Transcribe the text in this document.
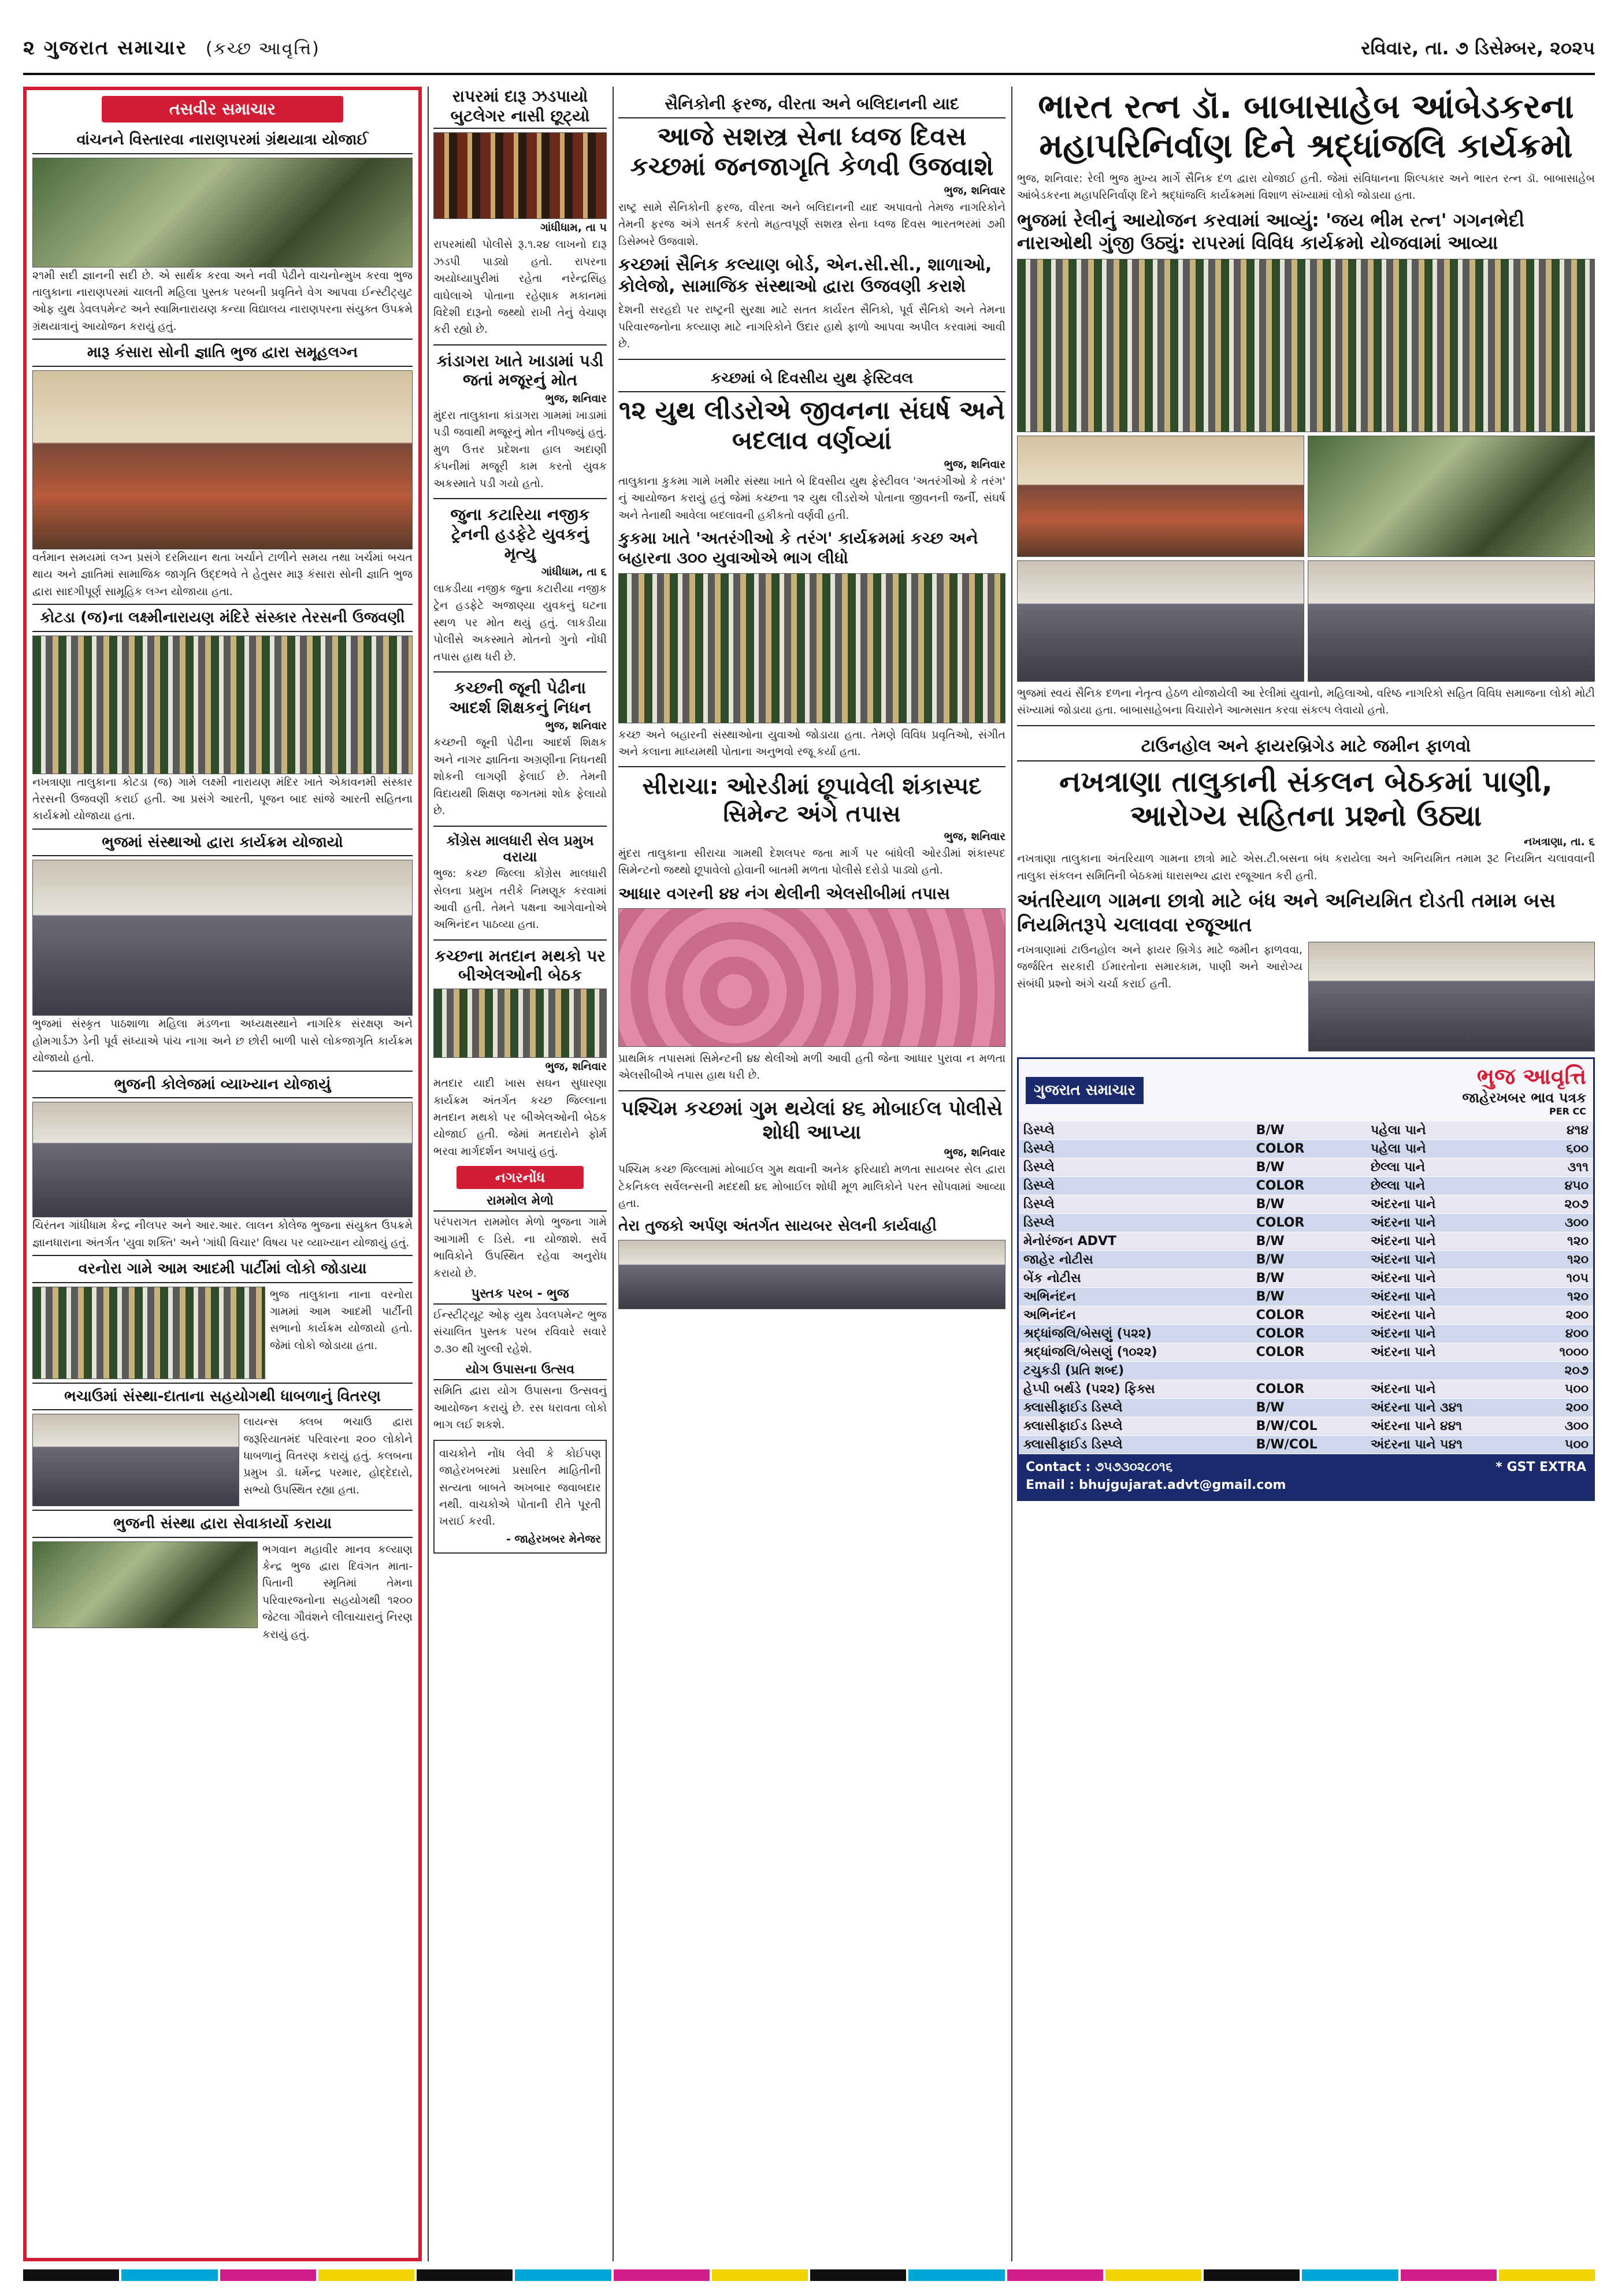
૨ ગુજરાત સમાચાર (કચ્છ આવૃત્તિ)	રવિવાર, તા. ૭ ડિસેમ્બર, ૨૦૨૫
તસવીર સમાચાર
વાંચનને વિસ્તારવા નારાણપરમાં ગ્રંથયાત્રા યોજાઈ

૨૧મી સદી જ્ઞાનની સદી છે. એ સાર્થક કરવા અને નવી પેઢીને વાચનોન્મુખ કરવા ભુજ તાલુકાના નારાણપરમાં ચાલતી મહિલા પુસ્તક પરબની પ્રવૃતિને વેગ આપવા ઈન્સ્ટીટ્યુટ ઓફ યુથ ડેવલપમેન્ટ અને સ્વામિનારાયણ કન્યા વિદ્યાલય નારાણપરના સંયુક્ત ઉપક્રમે ગ્રંથયાત્રાનું આયોજન કરાયું હતું.

મારૂ કંસારા સોની જ્ઞાતિ ભુજ દ્વારા સમૂહલગ્ન

વર્તમાન સમયમાં લગ્ન પ્રસંગે દરમિયાન થતા ખર્ચાને ટાળીને સમય તથા ખર્ચમાં બચત થાય અને જ્ઞાતિમાં સામાજિક જાગૃતિ ઉદ્દભવે તે હેતુસર મારૂ કંસારા સોની જ્ઞાતિ ભુજ દ્વારા સાદગીપૂર્ણ સામૂહિક લગ્ન યોજાયા હતા.

કોટડા (જ)ના લક્ષ્મીનારાયણ મંદિરે સંસ્કાર તેરસની ઉજવણી

નખત્રાણા તાલુકાના કોટડા (જ) ગામે લક્ષ્મી નારાયણ મંદિર ખાતે એકાવનમી સંસ્કાર તેરસની ઉજવણી કરાઈ હતી. આ પ્રસંગે આરતી, પૂજન બાદ સાંજે આરતી સહિતના કાર્યક્રમો યોજાયા હતા.

ભુજમાં સંસ્થાઓ દ્વારા કાર્યક્રમ યોજાયો

ભુજમાં સંસ્કૃત પાઠશાળા મહિલા મંડળના અધ્યક્ષસ્થાને નાગરિક સંરક્ષણ અને હોમગાર્ડઝ ડેની પૂર્વ સંધ્યાએ પાંચ નાગા અને છ છોરી બાળી પાસે લોકજાગૃતિ કાર્યક્રમ યોજાયો હતો.

ભુજની કોલેજમાં વ્યાખ્યાન યોજાયું

ચિરંતન ગાંધીધામ કેન્દ્ર નીલપર અને આર.આર. લાલન કોલેજ ભુજના સંયુક્ત ઉપક્રમે જ્ઞાનધારાના અંતર્ગત 'યુવા શક્તિ' અને 'ગાંધી વિચાર' વિષય પર વ્યાખ્યાન યોજાયું હતું.

વરનોરા ગામે આમ આદમી પાર્ટીમાં લોકો જોડાયા

ભુજ તાલુકાના નાના વરનોરા ગામમાં આમ આદમી પાર્ટીની સભાનો કાર્યક્રમ યોજાયો હતો. જેમાં લોકો જોડાયા હતા.

ભચાઉમાં સંસ્થા-દાતાના સહયોગથી ધાબળાનું વિતરણ

લાયન્સ ક્લબ ભચાઉ દ્વારા જરૂરિયાતમંદ પરિવારના ૨૦૦ લોકોને ધાબળાનું વિતરણ કરાયું હતું. કલબના પ્રમુખ ડૉ. ધર્મેન્દ્ર પરમાર, હોદ્દેદારો, સભ્યો ઉપસ્થિત રહ્યા હતા.

ભુજની સંસ્થા દ્વારા સેવાકાર્યો કરાયા

ભગવાન મહાવીર માનવ કલ્યાણ કેન્દ્ર ભુજ દ્વારા દિવંગત માતા-પિતાની સ્મૃતિમાં તેમના પરિવારજનોના સહયોગથી ૧૨૦૦ જેટલા ગૌવંશને લીલાચારાનું નિરણ કરાયું હતું.

રાપરમાં દારૂ ઝડપાયો બુટલેગર નાસી છૂટ્યો
ગાંધીધામ, તા ૫

રાપરમાંથી પોલીસે રૂ.૧.૨૪ લાખનો દારૂ ઝડપી પાડ્યો હતો. રાપરના અયોધ્યાપુરીમાં રહેતા નરેન્દ્રસિંહ વાઘેલાએ પોતાના રહેણાક મકાનમાં વિદેશી દારૂનો જથ્થો રાખી તેનું વેચાણ કરી રહ્યો છે.

કાંડાગરા ખાતે ખાડામાં પડી જતાં મજૂરનું મોત
ભુજ, શનિવાર

મુંદરા તાલુકાના કાંડાગરા ગામમાં ખાડામાં પડી જવાથી મજૂરનું મોત નીપજ્યું હતું. મુળ ઉત્તર પ્રદેશના હાલ અદાણી કંપનીમાં મજૂરી કામ કરતો યુવક અકસ્માતે પડી ગયો હતો.

જુના કટારિયા નજીક ટ્રેનની હડફેટે યુવકનું મૃત્યુ
ગાંધીધામ, તા ૬

લાકડીયા નજીક જુના કટારીયા નજીક ટ્રેન હડફેટે અજાણ્યા યુવકનું ઘટના સ્થળ પર મોત થયું હતું. લાકડીયા પોલીસે અકસ્માતે મોતનો ગુનો નોંધી તપાસ હાથ ધરી છે.

કચ્છની જૂની પેઢીના આદર્શ શિક્ષકનું નિધન
ભુજ, શનિવાર

કચ્છની જૂની પેઢીના આદર્શ શિક્ષક અને નાગર જ્ઞાતિના અગ્રણીના નિધનથી શોકની લાગણી ફેલાઈ છે. તેમની વિદાયથી શિક્ષણ જગતમાં શોક ફેલાયો છે.

કોંગ્રેસ માલધારી સેલ પ્રમુખ વરાયા

ભુજ: કચ્છ જિલ્લા કોંગ્રેસ માલધારી સેલના પ્રમુખ તરીકે નિમણૂક કરવામાં આવી હતી. તેમને પક્ષના આગેવાનોએ અભિનંદન પાઠવ્યા હતા.

કચ્છના મતદાન મથકો પર બીએલઓની બેઠક
ભુજ, શનિવાર

મતદાર યાદી ખાસ સઘન સુધારણા કાર્યક્રમ અંતર્ગત કચ્છ જિલ્લાના મતદાન મથકો પર બીએલઓની બેઠક યોજાઈ હતી. જેમાં મતદારોને ફોર્મ ભરવા માર્ગદર્શન અપાયું હતું.

નગરનોંધ
રામમોલ મેળો

પરંપરાગત રામમોલ મેળો ભુજના ગામે આગામી ૯ ડિસે. ના યોજાશે. સર્વે ભાવિકોને ઉપસ્થિત રહેવા અનુરોધ કરાયો છે.

પુસ્તક પરબ - ભુજ

ઈન્સ્ટીટ્યૂટ ઓફ યુથ ડેવલપમેન્ટ ભુજ સંચાલિત પુસ્તક પરબ રવિવારે સવારે ૭.૩૦ થી ખુલ્લી રહેશે.

યોગ ઉપાસના ઉત્સવ

સમિતિ દ્વારા યોગ ઉપાસના ઉત્સવનું આયોજન કરાયું છે. રસ ધરાવતા લોકો ભાગ લઈ શકશે.

વાચકોને નોંધ લેવી કે કોઈપણ જાહેરખબરમાં પ્રસારિત માહિતીની સત્યતા બાબતે અખબાર જવાબદાર નથી. વાચકોએ પોતાની રીતે પૂરતી ખરાઈ કરવી.

- જાહેરખબર મેનેજર
સૈનિકોની ફરજ, વીરતા અને બલિદાનની યાદ
આજે સશસ્ત્ર સેના ધ્વજ દિવસ કચ્છમાં જનજાગૃતિ કેળવી ઉજવાશે
ભુજ, શનિવાર

રાષ્ટ્ર સામે સૈનિકોની ફરજ, વીરતા અને બલિદાનની યાદ અપાવતો તેમજ નાગરિકોને તેમની ફરજ અંગે સતર્ક કરતો મહત્વપૂર્ણ સશસ્ત્ર સેના ધ્વજ દિવસ ભારતભરમાં ૭મી ડિસેમ્બરે ઉજવાશે.

કચ્છમાં સૈનિક કલ્યાણ બોર્ડ, એન.સી.સી., શાળાઓ, કોલેજો, સામાજિક સંસ્થાઓ દ્વારા ઉજવણી કરાશે

દેશની સરહદો પર રાષ્ટ્રની સુરક્ષા માટે સતત કાર્યરત સૈનિકો, પૂર્વ સૈનિકો અને તેમના પરિવારજનોના કલ્યાણ માટે નાગરિકોને ઉદાર હાથે ફાળો આપવા અપીલ કરવામાં આવી છે.

કચ્છમાં બે દિવસીય યુથ ફેસ્ટિવલ
૧૨ યુથ લીડરોએ જીવનના સંઘર્ષ અને બદલાવ વર્ણવ્યાં
ભુજ, શનિવાર

તાલુકાના કુકમા ગામે ખમીર સંસ્થા ખાતે બે દિવસીય યુથ ફેસ્ટીવલ 'અતરંગીઓ કે તરંગ' નું આયોજન કરાયું હતું જેમાં કચ્છના ૧૨ યુથ લીડરોએ પોતાના જીવનની જર્ની, સંઘર્ષ અને તેનાથી આવેલા બદલાવની હકીકતો વર્ણવી હતી.

કુકમા ખાતે 'અતરંગીઓ કે તરંગ' કાર્યક્રમમાં કચ્છ અને બહારના ૩૦૦ યુવાઓએ ભાગ લીધો

કચ્છ અને બહારની સંસ્થાઓના યુવાઓ જોડાયા હતા. તેમણે વિવિધ પ્રવૃતિઓ, સંગીત અને કલાના માધ્યમથી પોતાના અનુભવો રજૂ કર્યા હતા.

સીરાચા: ઓરડીમાં છૂપાવેલી શંકાસ્પદ સિમેન્ટ અંગે તપાસ
ભુજ, શનિવાર

મુંદરા તાલુકાના સીરાચા ગામથી દેશલપર જતા માર્ગ પર બાંધેલી ઓરડીમાં શંકાસ્પદ સિમેન્ટનો જથ્થો છૂપાવેલો હોવાની બાતમી મળતા પોલીસે દરોડો પાડ્યો હતો.

આધાર વગરની ૪૪ નંગ થેલીની એલસીબીમાં તપાસ

પ્રાથમિક તપાસમાં સિમેન્ટની ૪૪ થેલીઓ મળી આવી હતી જેના આધાર પુરાવા ન મળતા એલસીબીએ તપાસ હાથ ધરી છે.

પશ્ચિમ કચ્છમાં ગુમ થયેલાં ૪૬ મોબાઈલ પોલીસે શોધી આપ્યા
ભુજ, શનિવાર

પશ્ચિમ કચ્છ જિલ્લામાં મોબાઈલ ગુમ થવાની અનેક ફરિયાદો મળતા સાયબર સેલ દ્વારા ટેકનિકલ સર્વેલન્સની મદદથી ૪૬ મોબાઈલ શોધી મૂળ માલિકોને પરત સોંપવામાં આવ્યા હતા.

તેરા તુજકો અર્પણ અંતર્ગત સાયબર સેલની કાર્યવાહી
ભારત રત્ન ડૉ. બાબાસાહેબ આંબેડકરના મહાપરિનિર્વાણ દિને શ્રદ્ધાંજલિ કાર્યક્રમો

ભુજ, શનિવાર: રેલી ભુજ મુખ્ય માર્ગે સૈનિક દળ દ્વારા યોજાઈ હતી. જેમાં સંવિધાનના શિલ્પકાર અને ભારત રત્ન ડૉ. બાબાસાહેબ આંબેડકરના મહાપરિનિર્વાણ દિને શ્રદ્ધાંજલિ કાર્યક્રમમાં વિશાળ સંખ્યામાં લોકો જોડાયા હતા.

ભુજમાં રેલીનું આયોજન કરવામાં આવ્યું: 'જય ભીમ રત્ન' ગગનભેદી નારાઓથી ગુંજી ઉઠ્યું: રાપરમાં વિવિધ કાર્યક્રમો યોજવામાં આવ્યા

ભુજમાં સ્વયં સૈનિક દળના નેતૃત્વ હેઠળ યોજાયેલી આ રેલીમાં યુવાનો, મહિલાઓ, વરિષ્ઠ નાગરિકો સહિત વિવિધ સમાજના લોકો મોટી સંખ્યામાં જોડાયા હતા. બાબાસાહેબના વિચારોને આત્મસાત કરવા સંકલ્પ લેવાયો હતો.

ટાઉનહોલ અને ફાયરબ્રિગેડ માટે જમીન ફાળવો
નખત્રાણા તાલુકાની સંકલન બેઠકમાં પાણી, આરોગ્ય સહિતના પ્રશ્નો ઉઠ્યા
નખત્રાણા, તા. ૬

નખત્રાણા તાલુકાના અંતરિયાળ ગામના છાત્રો માટે એસ.ટી.બસના બંધ કરાયેલા અને અનિયમિત તમામ રૂટ નિયમિત ચલાવવાની તાલુકા સંકલન સમિતિની બેઠકમાં ધારાસભ્ય દ્વારા રજૂઆત કરી હતી.

અંતરિયાળ ગામના છાત્રો માટે બંધ અને અનિયમિત દોડતી તમામ બસ નિયમિતરૂપે ચલાવવા રજૂઆત

નખત્રાણામાં ટાઉનહોલ અને ફાયર બ્રિગેડ માટે જમીન ફાળવવા, જર્જરિત સરકારી ઈમારતોના સમારકામ, પાણી અને આરોગ્ય સંબંધી પ્રશ્નો અંગે ચર્ચા કરાઈ હતી.

ગુજરાત સમાચાર
ભુજ આવૃત્તિ
જાહેરખબર ભાવ પત્રક
PER CC
ડિસ્પ્લે	B/W	પહેલા પાને	૪૧૪
ડિસ્પ્લે	COLOR	પહેલા પાને	૬૦૦
ડિસ્પ્લે	B/W	છેલ્લા પાને	૩૧૧
ડિસ્પ્લે	COLOR	છેલ્લા પાને	૪૫૦
ડિસ્પ્લે	B/W	અંદરના પાને	૨૦૭
ડિસ્પ્લે	COLOR	અંદરના પાને	૩૦૦
મેનોરંજન ADVT	B/W	અંદરના પાને	૧૨૦
જાહેર નોટીસ	B/W	અંદરના પાને	૧૨૦
બેંક નોટીસ	B/W	અંદરના પાને	૧૦૫
અભિનંદન	B/W	અંદરના પાને	૧૨૦
અભિનંદન	COLOR	અંદરના પાને	૨૦૦
શ્રદ્ધાંજલિ/બેસણું (૫૨૨)	COLOR	અંદરના પાને	૪૦૦
શ્રદ્ધાંજલિ/બેસણું (૧૦૨૨)	COLOR	અંદરના પાને	૧૦૦૦
ટચુકડી (પ્રતિ શબ્દ)			૨૦૭
હેપ્પી બર્થડે (૫૨૨) ફિક્સ	COLOR	અંદરના પાને	૫૦૦
ક્લાસીફાઈડ ડિસ્પ્લે	B/W	અંદરના પાને ૩૪૧	૨૦૦
ક્લાસીફાઈડ ડિસ્પ્લે	B/W/COL	અંદરના પાને ૪૪૧	૩૦૦
ક્લાસીફાઈડ ડિસ્પ્લે	B/W/COL	અંદરના પાને ૫૪૧	૫૦૦
Contact : ૭૫૭૩૦૨૮૦૧૬	* GST EXTRA

Email : bhujgujarat.advt@gmail.com
